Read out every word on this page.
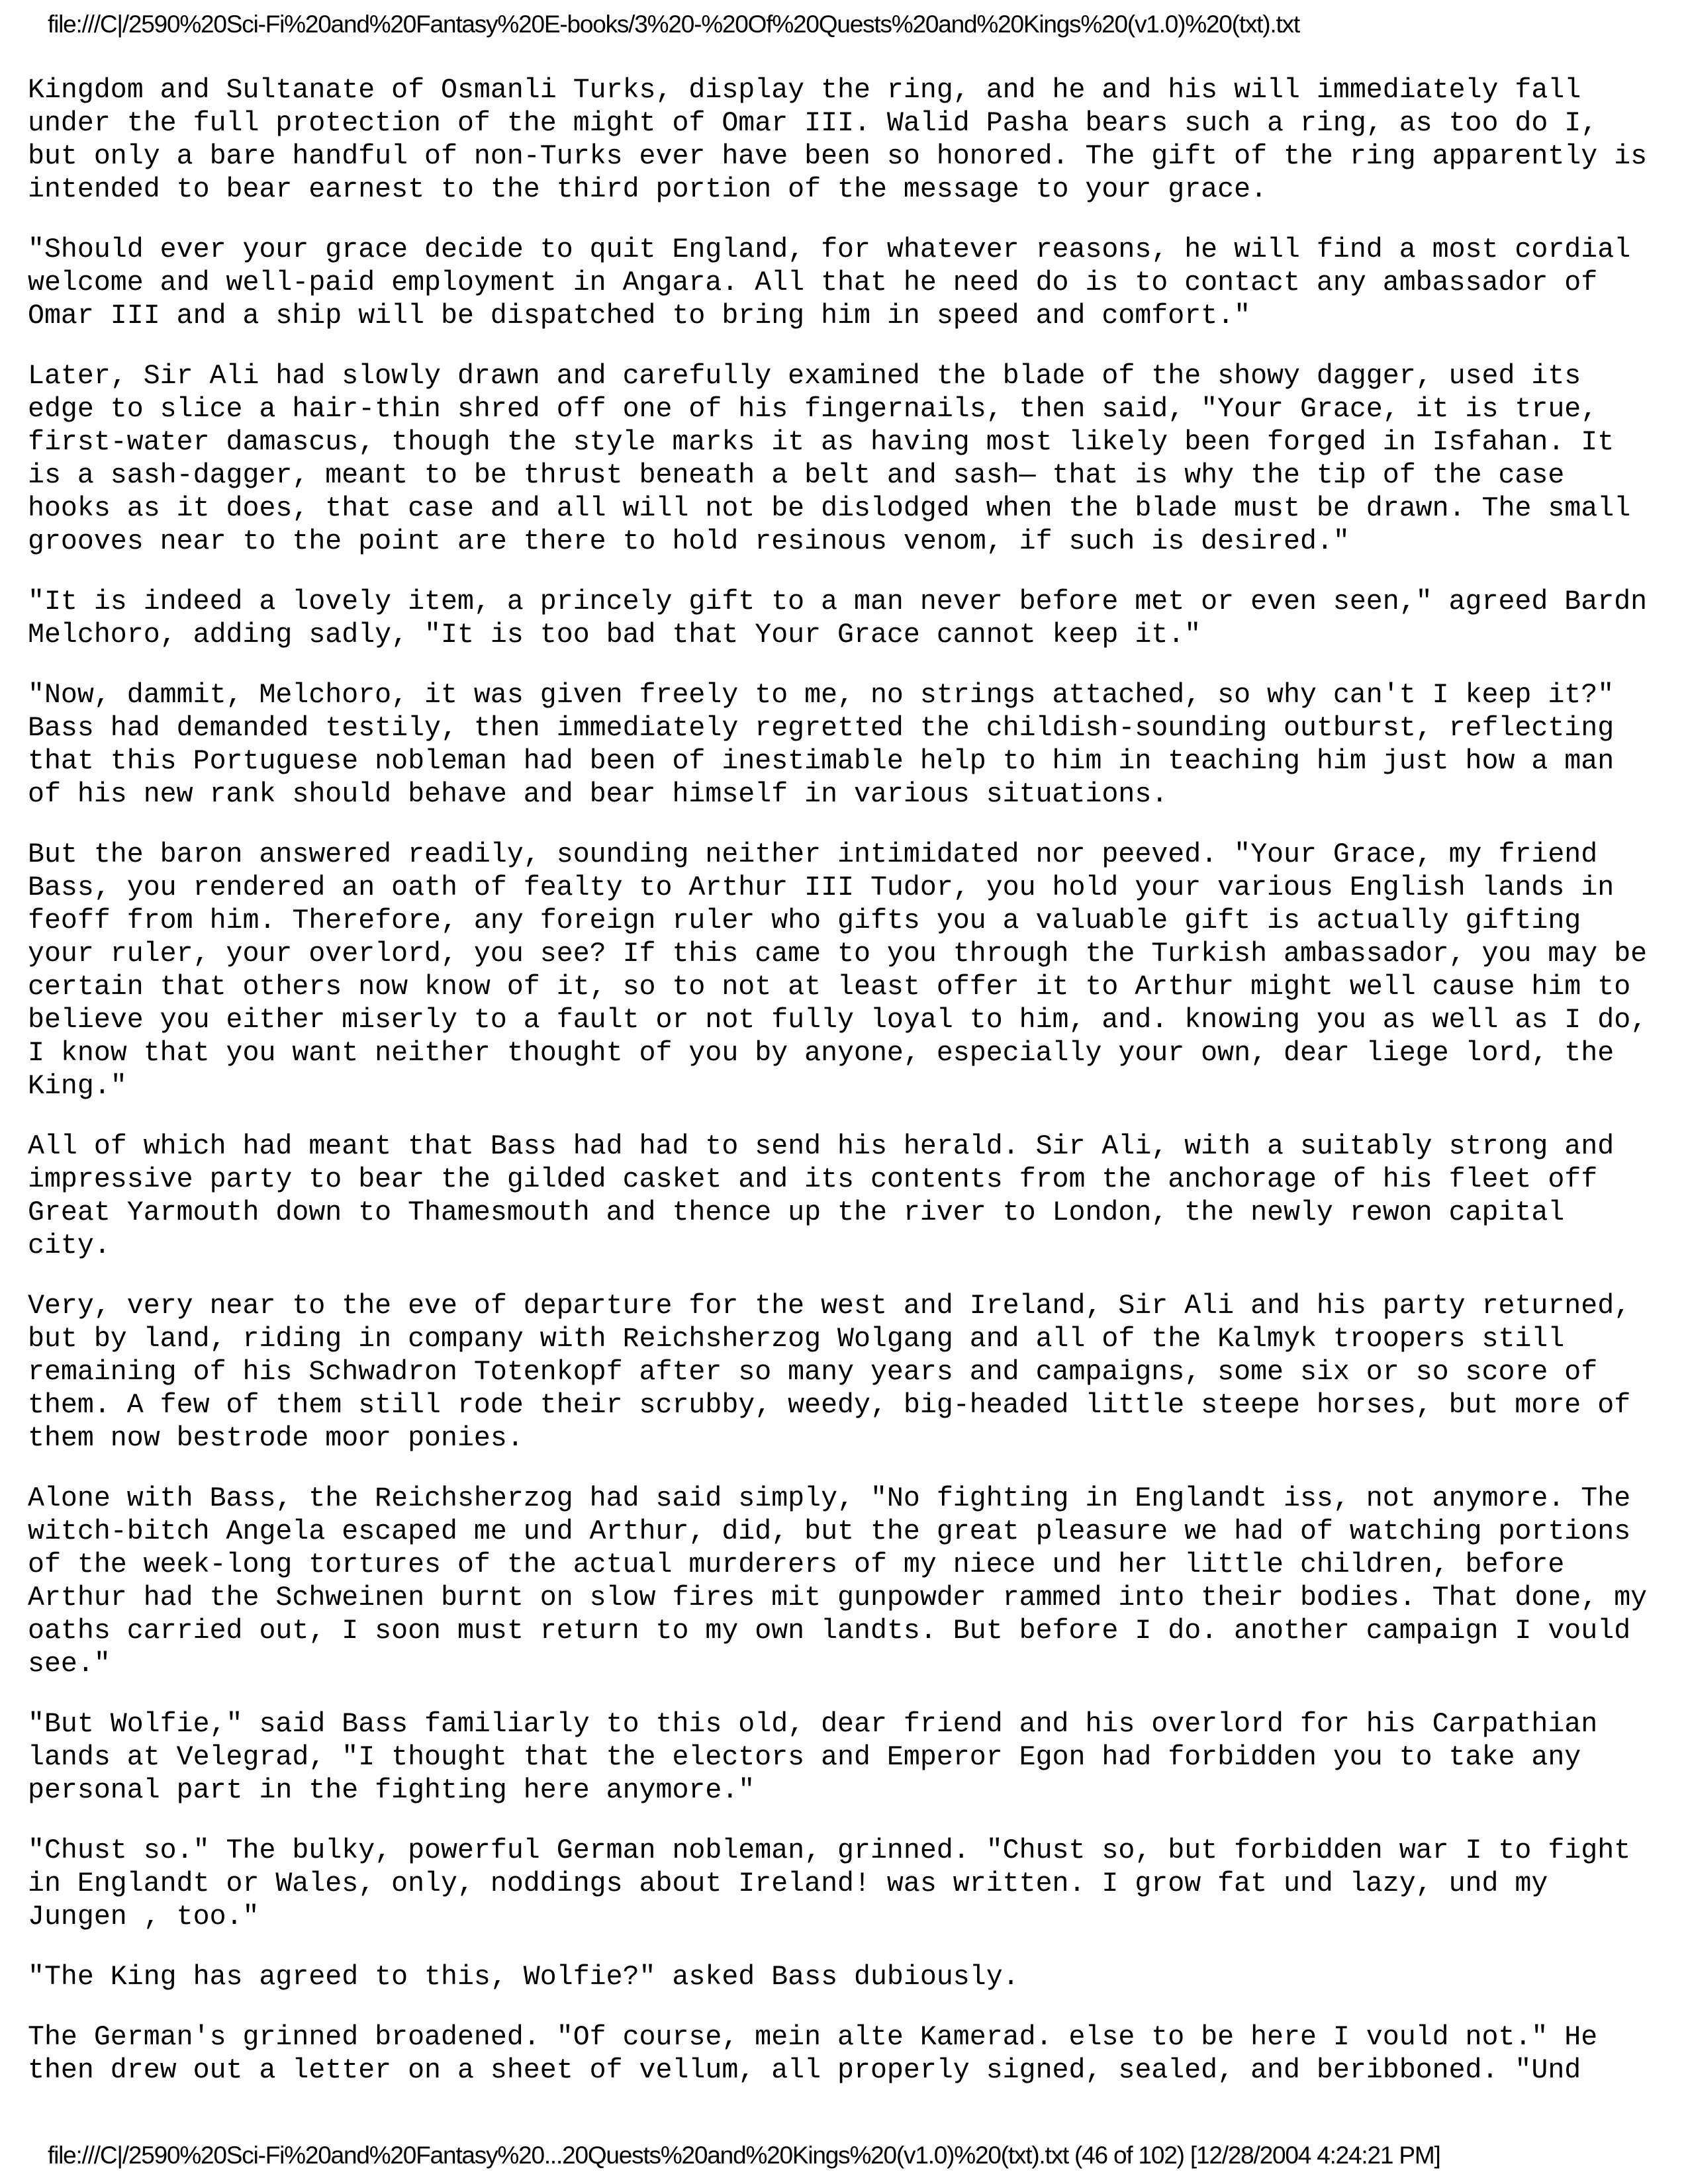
file:///C|/2590%20Sci-Fi%20and%20Fantasy%20E-books/3%20-%20Of%20Quests%20and%20Kings%20(v1.0)%20(txt).txt

Kingdom and Sultanate of Osmanli Turks, display the ring, and he and his will immediately fall
under the full protection of the might of Omar III. Walid Pasha bears such a ring, as too do I,
but only a bare handful of non-Turks ever have been so honored. The gift of the ring apparently is
intended to bear earnest to the third portion of the message to your grace.

"Should ever your grace decide to quit England, for whatever reasons, he will find a most cordial
welcome and well-paid employment in Angara. All that he need do is to contact any ambassador of
Omar III and a ship will be dispatched to bring him in speed and comfort."

Later, Sir Ali had slowly drawn and carefully examined the blade of the showy dagger, used its
edge to slice a hair-thin shred off one of his fingernails, then said, "Your Grace, it is true,
first-water damascus, though the style marks it as having most likely been forged in Isfahan. It
is a sash-dagger, meant to be thrust beneath a belt and sash— that is why the tip of the case
hooks as it does, that case and all will not be dislodged when the blade must be drawn. The small
grooves near to the point are there to hold resinous venom, if such is desired."

"It is indeed a lovely item, a princely gift to a man never before met or even seen," agreed Bardn
Melchoro, adding sadly, "It is too bad that Your Grace cannot keep it."

"Now, dammit, Melchoro, it was given freely to me, no strings attached, so why can't I keep it?"
Bass had demanded testily, then immediately regretted the childish-sounding outburst, reflecting
that this Portuguese nobleman had been of inestimable help to him in teaching him just how a man
of his new rank should behave and bear himself in various situations.

But the baron answered readily, sounding neither intimidated nor peeved. "Your Grace, my friend
Bass, you rendered an oath of fealty to Arthur III Tudor, you hold your various English lands in
feoff from him. Therefore, any foreign ruler who gifts you a valuable gift is actually gifting
your ruler, your overlord, you see? If this came to you through the Turkish ambassador, you may be
certain that others now know of it, so to not at least offer it to Arthur might well cause him to
believe you either miserly to a fault or not fully loyal to him, and. knowing you as well as I do,
I know that you want neither thought of you by anyone, especially your own, dear liege lord, the
King."

All of which had meant that Bass had had to send his herald. Sir Ali, with a suitably strong and
impressive party to bear the gilded casket and its contents from the anchorage of his fleet off
Great Yarmouth down to Thamesmouth and thence up the river to London, the newly rewon capital
city.

Very, very near to the eve of departure for the west and Ireland, Sir Ali and his party returned,
but by land, riding in company with Reichsherzog Wolgang and all of the Kalmyk troopers still
remaining of his Schwadron Totenkopf after so many years and campaigns, some six or so score of
them. A few of them still rode their scrubby, weedy, big-headed little steepe horses, but more of
them now bestrode moor ponies.

Alone with Bass, the Reichsherzog had said simply, "No fighting in Englandt iss, not anymore. The
witch-bitch Angela escaped me und Arthur, did, but the great pleasure we had of watching portions
of the week-long tortures of the actual murderers of my niece und her little children, before
Arthur had the Schweinen burnt on slow fires mit gunpowder rammed into their bodies. That done, my
oaths carried out, I soon must return to my own landts. But before I do. another campaign I vould
see."

"But Wolfie," said Bass familiarly to this old, dear friend and his overlord for his Carpathian
lands at Velegrad, "I thought that the electors and Emperor Egon had forbidden you to take any
personal part in the fighting here anymore."

"Chust so." The bulky, powerful German nobleman, grinned. "Chust so, but forbidden war I to fight
in Englandt or Wales, only, noddings about Ireland! was written. I grow fat und lazy, und my
Jungen , too."

"The King has agreed to this, Wolfie?" asked Bass dubiously.

The German's grinned broadened. "Of course, mein alte Kamerad. else to be here I vould not." He
then drew out a letter on a sheet of vellum, all properly signed, sealed, and beribboned. "Und

file:///C|/2590%20Sci-Fi%20and%20Fantasy%20...20Quests%20and%20Kings%20(v1.0)%20(txt).txt (46 of 102) [12/28/2004 4:24:21 PM]
